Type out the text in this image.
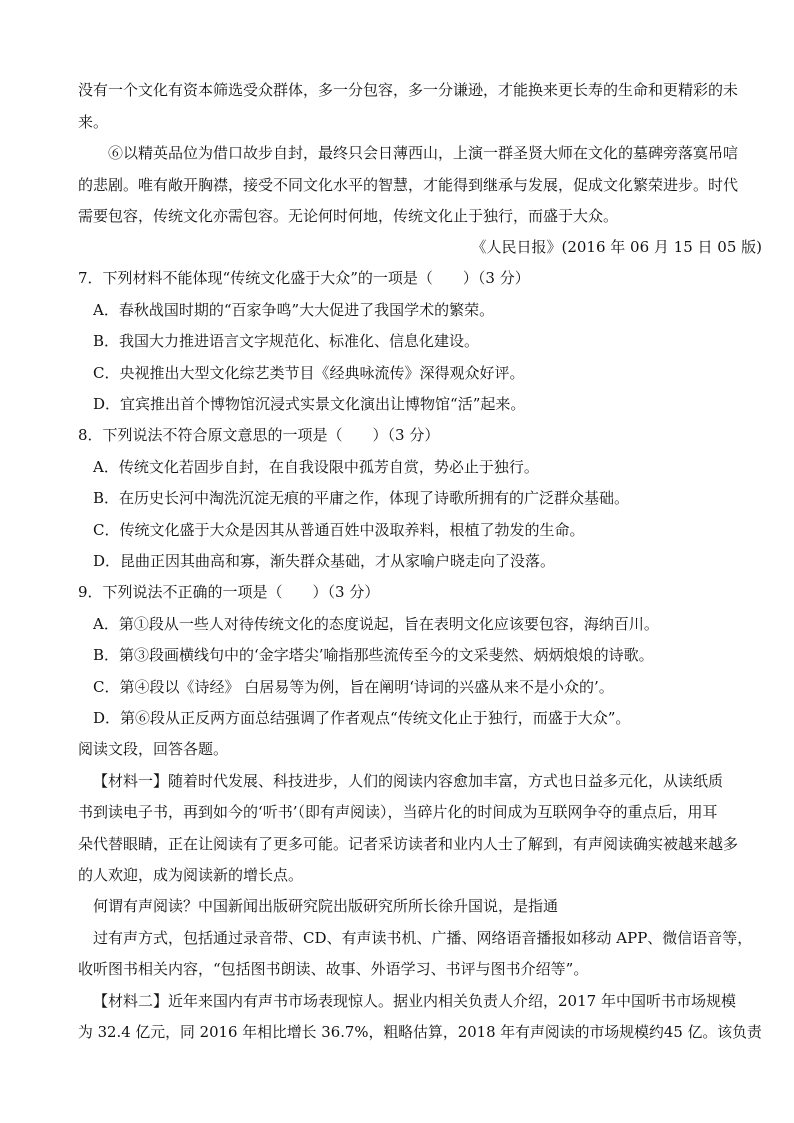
没有一个文化有资本筛选受众群体，多一分包容，多一分谦逊，才能换来更长寿的生命和更精彩的未
来。
⑥以精英品位为借口故步自封，最终只会日薄西山，上演一群圣贤大师在文化的墓碑旁落寞吊唁
的悲剧。唯有敞开胸襟，接受不同文化水平的智慧，才能得到继承与发展，促成文化繁荣进步。时代
需要包容，传统文化亦需包容。无论何时何地，传统文化止于独行，而盛于大众。
《人民日报》(2016 年 06 月 15 日 05 版)
7．下列材料不能体现“传统文化盛于大众”的一项是（　　）（3 分）
A．春秋战国时期的“百家争鸣”大大促进了我国学术的繁荣。
B．我国大力推进语言文字规范化、标准化、信息化建设。
C．央视推出大型文化综艺类节目《经典咏流传》深得观众好评。
D．宜宾推出首个博物馆沉浸式实景文化演出让博物馆“活”起来。
8．下列说法不符合原文意思的一项是（　　）（3 分）
A．传统文化若固步自封，在自我设限中孤芳自赏，势必止于独行。
B．在历史长河中淘洗沉淀无痕的平庸之作，体现了诗歌所拥有的广泛群众基础。
C．传统文化盛于大众是因其从普通百姓中汲取养料，根植了勃发的生命。
D．昆曲正因其曲高和寡，渐失群众基础，才从家喻户晓走向了没落。
9．下列说法不正确的一项是（　　）（3 分）
A．第①段从一些人对待传统文化的态度说起，旨在表明文化应该要包容，海纳百川。
B．第③段画横线句中的‘金字塔尖’喻指那些流传至今的文采斐然、炳炳烺烺的诗歌。
C．第④段以《诗经》 白居易等为例，旨在阐明‘诗词的兴盛从来不是小众的’。
D．第⑥段从正反两方面总结强调了作者观点“传统文化止于独行，而盛于大众”。
阅读文段，回答各题。
【材料一】随着时代发展、科技进步，人们的阅读内容愈加丰富，方式也日益多元化，从读纸质
书到读电子书，再到如今的‘听书’（即有声阅读），当碎片化的时间成为互联网争夺的重点后，用耳
朵代替眼睛，正在让阅读有了更多可能。记者采访读者和业内人士了解到，有声阅读确实被越来越多
的人欢迎，成为阅读新的增长点。
何谓有声阅读？中国新闻出版研究院出版研究所所长徐升国说，是指通
过有声方式，包括通过录音带、CD、有声读书机、广播、网络语音播报如移动 APP、微信语音等，
收听图书相关内容，“包括图书朗读、故事、外语学习、书评与图书介绍等”。
【材料二】近年来国内有声书市场表现惊人。据业内相关负责人介绍，2017 年中国听书市场规模
为 32.4 亿元，同 2016 年相比增长 36.7%，粗略估算，2018 年有声阅读的市场规模约45 亿。该负责
